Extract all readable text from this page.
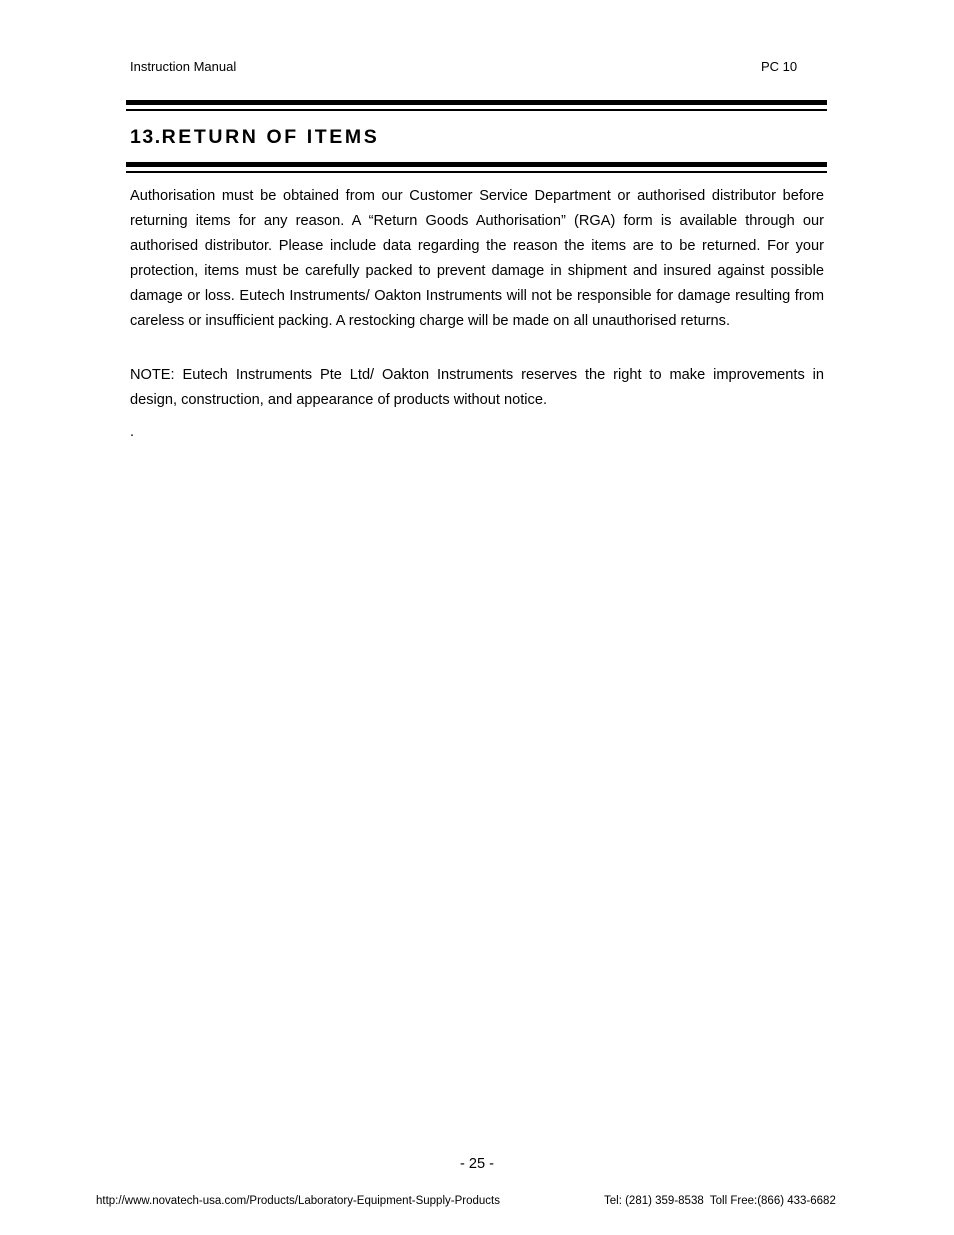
Instruction Manual	PC 10
13.RETURN OF ITEMS
Authorisation must be obtained from our Customer Service Department or authorised distributor before returning items for any reason. A “Return Goods Authorisation” (RGA) form is available through our authorised distributor. Please include data regarding the reason the items are to be returned. For your protection, items must be carefully packed to prevent damage in shipment and insured against possible damage or loss. Eutech Instruments/ Oakton Instruments will not be responsible for damage resulting from careless or insufficient packing. A restocking charge will be made on all unauthorised returns.
NOTE: Eutech Instruments Pte Ltd/ Oakton Instruments reserves the right to make improvements in design, construction, and appearance of products without notice.
.
- 25 -
http://www.novatech-usa.com/Products/Laboratory-Equipment-Supply-Products	Tel: (281) 359-8538  Toll Free:(866) 433-6682
